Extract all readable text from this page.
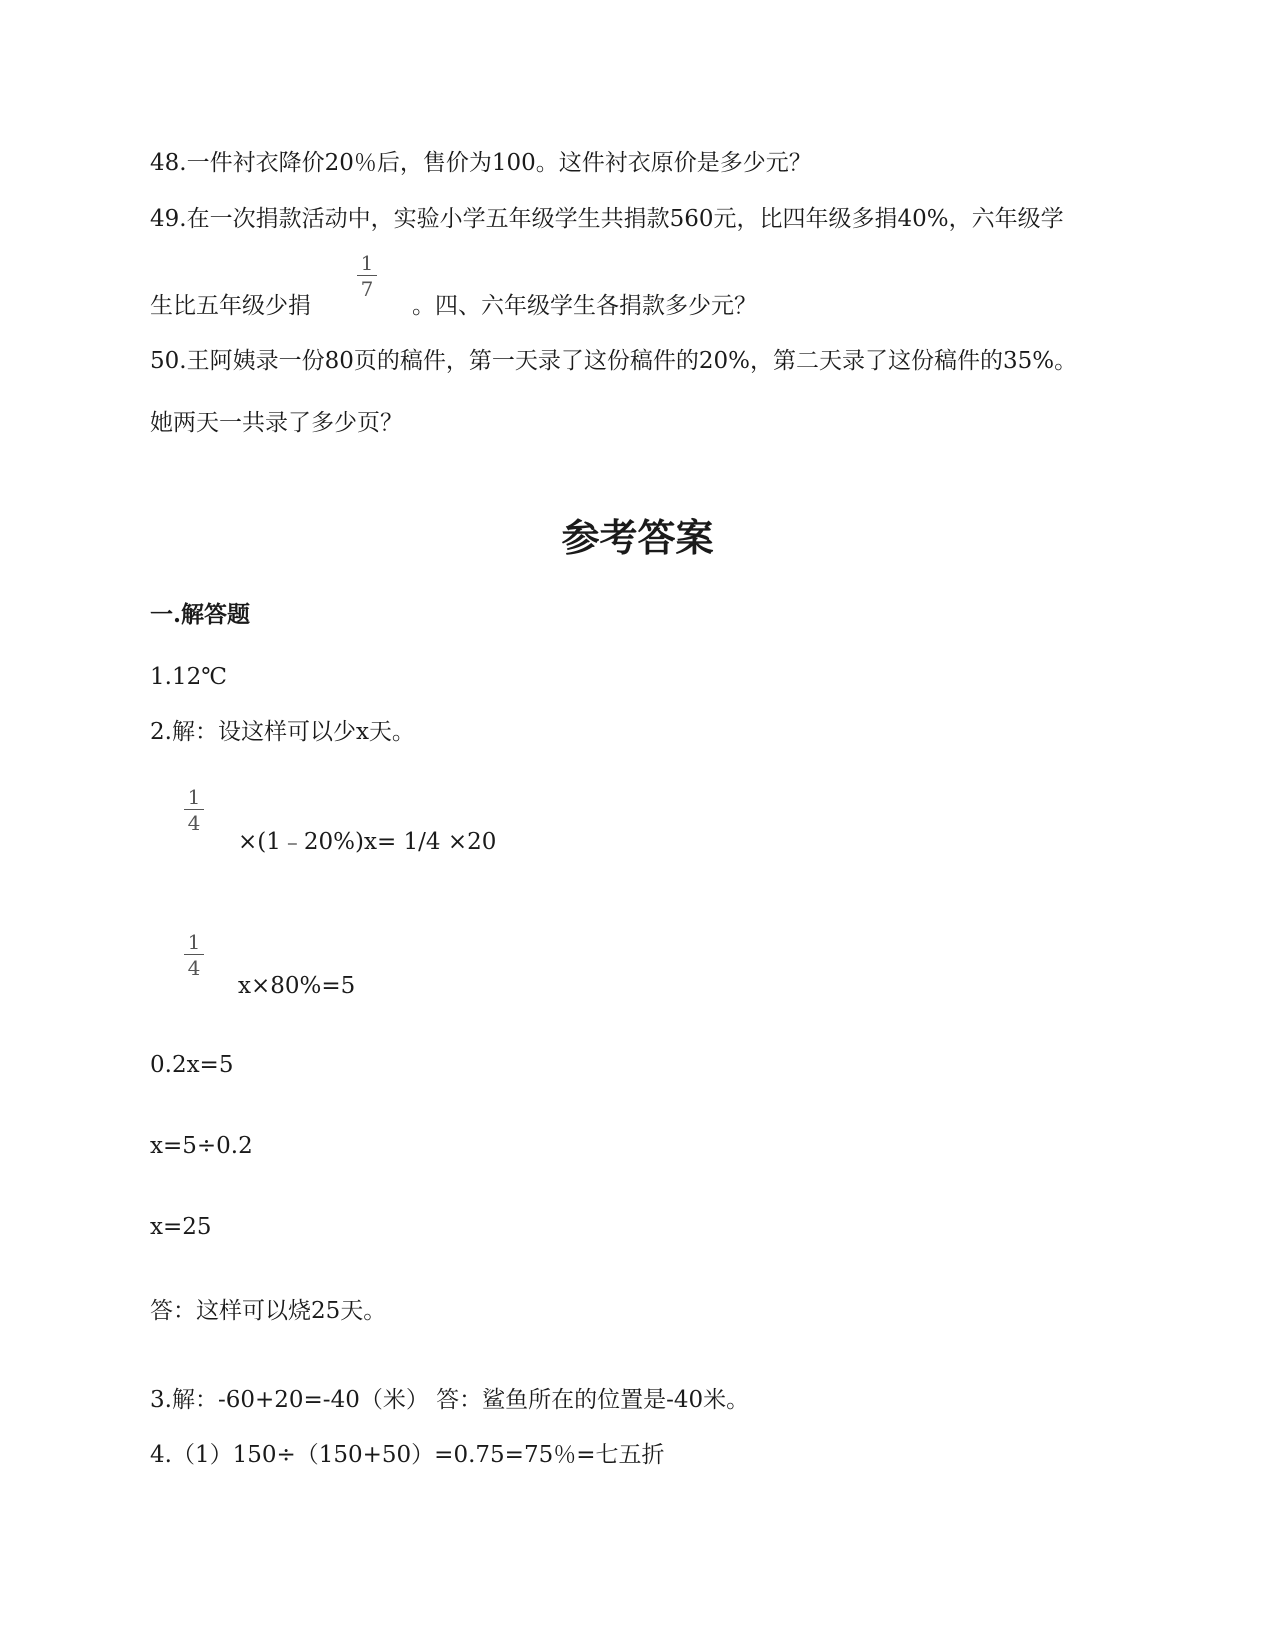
48.一件衬衣降价20％后，售价为100。这件衬衣原价是多少元？
49.在一次捐款活动中，实验小学五年级学生共捐款560元，比四年级多捐40%，六年级学
生比五年级少捐
1
7
。四、六年级学生各捐款多少元？
50.王阿姨录一份80页的稿件，第一天录了这份稿件的20%，第二天录了这份稿件的35%。
她两天一共录了多少页？
参考答案
一.解答题
1.12℃
2.解：设这样可以少x天。
1
4
×(1﹣20%)x= 1/4 ×20
1
4
x×80%=5
0.2x=5
x=5÷0.2
x=25
答：这样可以烧25天。
3.解：-60+20=-40（米） 答：鲨鱼所在的位置是-40米。
4.（1）150÷（150+50）=0.75=75％=七五折
